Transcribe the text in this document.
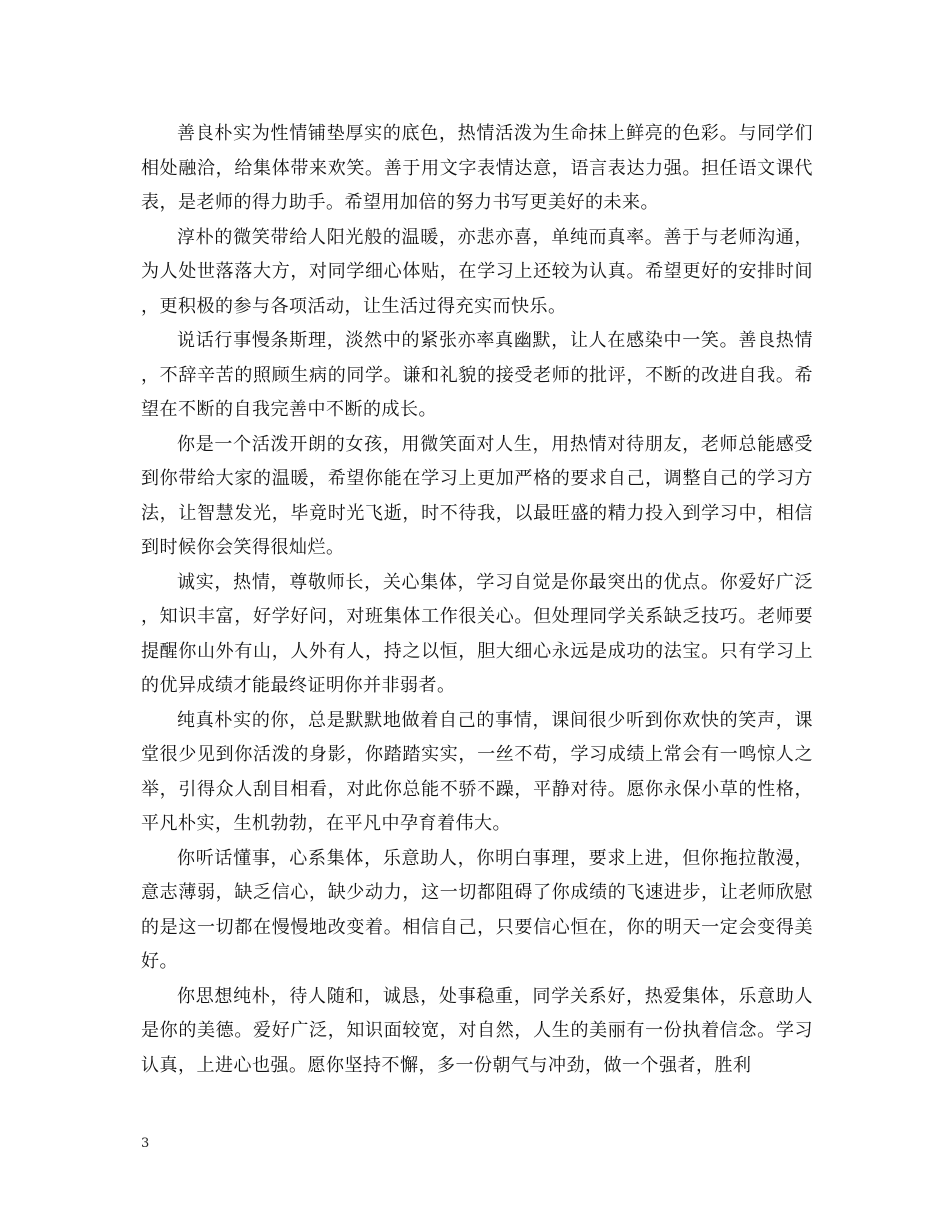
善良朴实为性情铺垫厚实的底色，热情活泼为生命抹上鲜亮的色彩。与同学们相处融洽，给集体带来欢笑。善于用文字表情达意，语言表达力强。担任语文课代表，是老师的得力助手。希望用加倍的努力书写更美好的未来。

淳朴的微笑带给人阳光般的温暖，亦悲亦喜，单纯而真率。善于与老师沟通，为人处世落落大方，对同学细心体贴，在学习上还较为认真。希望更好的安排时间，更积极的参与各项活动，让生活过得充实而快乐。

说话行事慢条斯理，淡然中的紧张亦率真幽默，让人在感染中一笑。善良热情，不辞辛苦的照顾生病的同学。谦和礼貌的接受老师的批评，不断的改进自我。希望在不断的自我完善中不断的成长。

你是一个活泼开朗的女孩，用微笑面对人生，用热情对待朋友，老师总能感受到你带给大家的温暖，希望你能在学习上更加严格的要求自己，调整自己的学习方法，让智慧发光，毕竟时光飞逝，时不待我，以最旺盛的精力投入到学习中，相信到时候你会笑得很灿烂。

诚实，热情，尊敬师长，关心集体，学习自觉是你最突出的优点。你爱好广泛，知识丰富，好学好问，对班集体工作很关心。但处理同学关系缺乏技巧。老师要提醒你山外有山，人外有人，持之以恒，胆大细心永远是成功的法宝。只有学习上的优异成绩才能最终证明你并非弱者。

纯真朴实的你，总是默默地做着自己的事情，课间很少听到你欢快的笑声，课堂很少见到你活泼的身影，你踏踏实实，一丝不苟，学习成绩上常会有一鸣惊人之举，引得众人刮目相看，对此你总能不骄不躁，平静对待。愿你永保小草的性格，平凡朴实，生机勃勃，在平凡中孕育着伟大。

你听话懂事，心系集体，乐意助人，你明白事理，要求上进，但你拖拉散漫，意志薄弱，缺乏信心，缺少动力，这一切都阻碍了你成绩的飞速进步，让老师欣慰的是这一切都在慢慢地改变着。相信自己，只要信心恒在，你的明天一定会变得美好。

你思想纯朴，待人随和，诚恳，处事稳重，同学关系好，热爱集体，乐意助人是你的美德。爱好广泛，知识面较宽，对自然，人生的美丽有一份执着信念。学习认真，上进心也强。愿你坚持不懈，多一份朝气与冲劲，做一个强者，胜利

3
